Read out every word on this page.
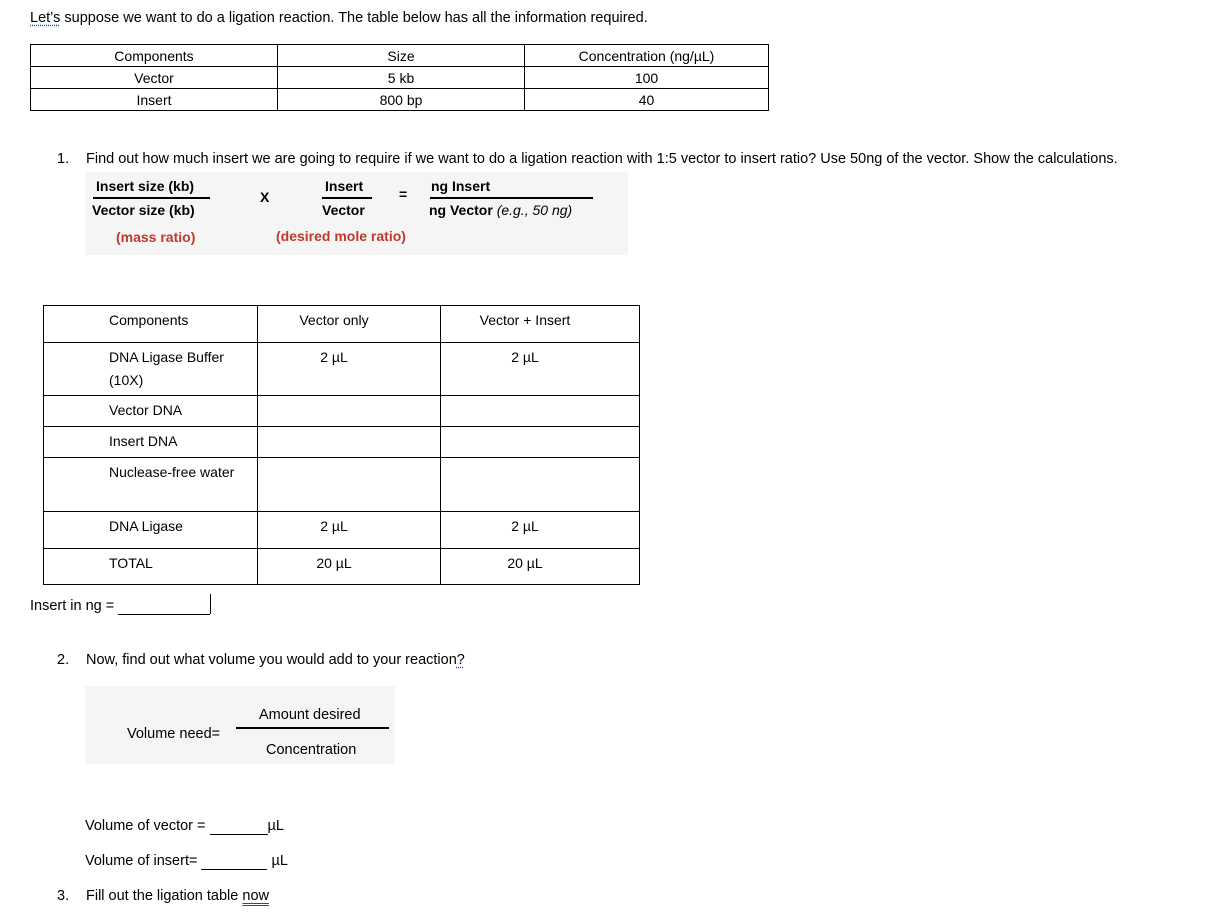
Let’s suppose we want to do a ligation reaction. The table below has all the information required.
Components	Size	Concentration (ng/µL)
Vector	5 kb	100
Insert	800 bp	40
1. Find out how much insert we are going to require if we want to do a ligation reaction with 1:5 vector to insert ratio? Use 50ng of the vector. Show the calculations.
Insert size (kb)
Vector size (kb)
X
Insert
Vector
= ng Insert
ng Vector (e.g., 50 ng)
(mass ratio)	(desired mole ratio)
Components	Vector only	Vector + Insert
DNA Ligase Buffer (10X)	2 µL	2 µL
Vector DNA		
Insert DNA		
Nuclease-free water		
DNA Ligase	2 µL	2 µL
TOTAL	20 µL	20 µL
Insert in ng =
2. Now, find out what volume you would add to your reaction?
Volume need=
Amount desired
Concentration
Volume of vector =	µL
Volume of insert=	µL
3. Fill out the ligation table now
